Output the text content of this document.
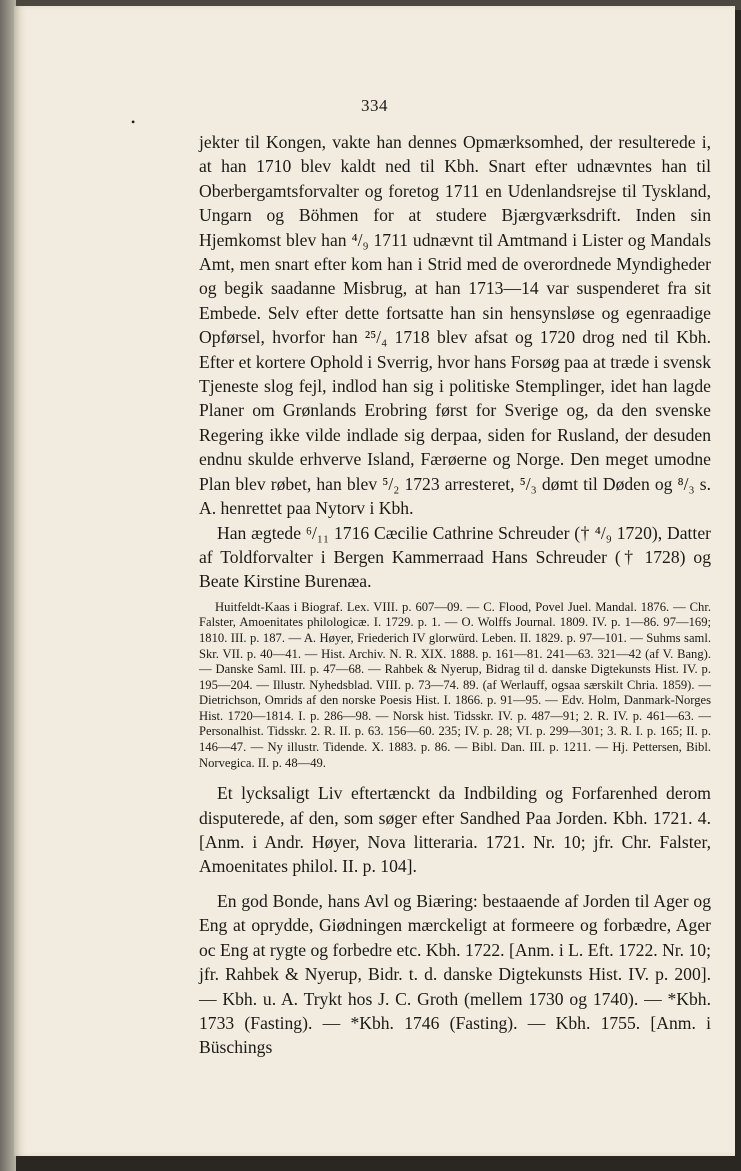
334
•

jekter til Kongen, vakte han dennes Opmærksomhed, der resulterede i, at han 1710 blev kaldt ned til Kbh. Snart efter udnævntes han til Oberbergamtsforvalter og foretog 1711 en Udenlandsrejse til Tyskland, Ungarn og Böhmen for at studere Bjærgværksdrift. Inden sin Hjemkomst blev han ⁴/₉ 1711 udnævnt til Amtmand i Lister og Mandals Amt, men snart efter kom han i Strid med de overordnede Myndigheder og begik saadanne Misbrug, at han 1713—14 var suspenderet fra sit Embede. Selv efter dette fortsatte han sin hensynsløse og egenraadige Opførsel, hvorfor han ²⁵/₄ 1718 blev afsat og 1720 drog ned til Kbh. Efter et kortere Ophold i Sverrig, hvor hans Forsøg paa at træde i svensk Tjeneste slog fejl, indlod han sig i politiske Stemplinger, idet han lagde Planer om Grønlands Erobring først for Sverige og, da den svenske Regering ikke vilde indlade sig derpaa, siden for Rusland, der desuden endnu skulde erhverve Island, Færøerne og Norge. Den meget umodne Plan blev røbet, han blev ⁵/₂ 1723 arresteret, ⁵/₃ dømt til Døden og ⁸/₃ s. A. henrettet paa Nytorv i Kbh.

Han ægtede ⁶/₁₁ 1716 Cæcilie Cathrine Schreuder († ⁴/₉ 1720), Datter af Toldforvalter i Bergen Kammerraad Hans Schreuder († 1728) og Beate Kirstine Burenæa.

Huitfeldt-Kaas i Biograf. Lex. VIII. p. 607—09. — C. Flood, Povel Juel. Mandal. 1876. — Chr. Falster, Amoenitates philologicæ. I. 1729. p. 1. — O. Wolffs Journal. 1809. IV. p. 1—86. 97—169; 1810. III. p. 187. — A. Høyer, Friederich IV glorwürd. Leben. II. 1829. p. 97—101. — Suhms saml. Skr. VII. p. 40—41. — Hist. Archiv. N. R. XIX. 1888. p. 161—81. 241—63. 321—42 (af V. Bang). — Danske Saml. III. p. 47—68. — Rahbek & Nyerup, Bidrag til d. danske Digtekunsts Hist. IV. p. 195—204. — Illustr. Nyhedsblad. VIII. p. 73—74. 89. (af Werlauff, ogsaa særskilt Chria. 1859). — Dietrichson, Omrids af den norske Poesis Hist. I. 1866. p. 91—95. — Edv. Holm, Danmark-Norges Hist. 1720—1814. I. p. 286—98. — Norsk hist. Tidsskr. IV. p. 487—91; 2. R. IV. p. 461—63. — Personalhist. Tidsskr. 2. R. II. p. 63. 156—60. 235; IV. p. 28; VI. p. 299—301; 3. R. I. p. 165; II. p. 146—47. — Ny illustr. Tidende. X. 1883. p. 86. — Bibl. Dan. III. p. 1211. — Hj. Pettersen, Bibl. Norvegica. II. p. 48—49.

Et lycksaligt Liv eftertænckt da Indbilding og Forfarenhed derom disputerede, af den, som søger efter Sandhed Paa Jorden. Kbh. 1721. 4. [Anm. i Andr. Høyer, Nova litteraria. 1721. Nr. 10; jfr. Chr. Falster, Amoenitates philol. II. p. 104].

En god Bonde, hans Avl og Biæring: bestaaende af Jorden til Ager og Eng at oprydde, Giødningen mærckeligt at formeere og forbædre, Ager oc Eng at rygte og forbedre etc. Kbh. 1722. [Anm. i L. Eft. 1722. Nr. 10; jfr. Rahbek & Nyerup, Bidr. t. d. danske Digtekunsts Hist. IV. p. 200]. — Kbh. u. A. Trykt hos J. C. Groth (mellem 1730 og 1740). — *Kbh. 1733 (Fasting). — *Kbh. 1746 (Fasting). — Kbh. 1755. [Anm. i Büschings
